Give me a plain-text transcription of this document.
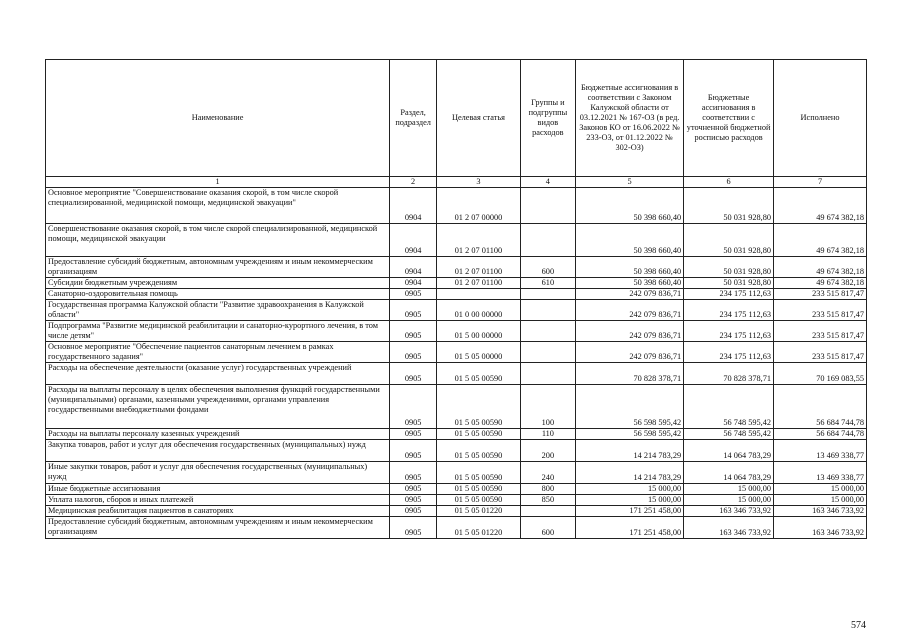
Наименование	Раздел, подраздел	Целевая статья	Группы и подгруппы видов расходов	Бюджетные ассигнования в соответствии с Законом Калужской области от 03.12.2021 № 167-ОЗ (в ред. Законов КО от 16.06.2022 № 233-ОЗ, от 01.12.2022 № 302-ОЗ)	Бюджетные ассигнования в соответствии с уточненной бюджетной росписью расходов	Исполнено
1	2	3	4	5	6	7
Основное мероприятие "Совершенствование оказания скорой, в том числе скорой специализированной, медицинской помощи, медицинской эвакуации"	0904	01 2 07 00000		50 398 660,40	50 031 928,80	49 674 382,18
Совершенствование оказания скорой, в том числе скорой специализированной, медицинской помощи, медицинской эвакуации	0904	01 2 07 01100		50 398 660,40	50 031 928,80	49 674 382,18
Предоставление субсидий бюджетным, автономным учреждениям и иным некоммерческим организациям	0904	01 2 07 01100	600	50 398 660,40	50 031 928,80	49 674 382,18
Субсидии бюджетным учреждениям	0904	01 2 07 01100	610	50 398 660,40	50 031 928,80	49 674 382,18
Санаторно-оздоровительная помощь	0905			242 079 836,71	234 175 112,63	233 515 817,47
Государственная программа Калужской области "Развитие здравоохранения в Калужской области"	0905	01 0 00 00000		242 079 836,71	234 175 112,63	233 515 817,47
Подпрограмма "Развитие медицинской реабилитации и санаторно-курортного лечения, в том числе детям"	0905	01 5 00 00000		242 079 836,71	234 175 112,63	233 515 817,47
Основное мероприятие "Обеспечение пациентов санаторным лечением в рамках государственного задания"	0905	01 5 05 00000		242 079 836,71	234 175 112,63	233 515 817,47
Расходы на обеспечение деятельности (оказание услуг) государственных учреждений	0905	01 5 05 00590		70 828 378,71	70 828 378,71	70 169 083,55
Расходы на выплаты персоналу в целях обеспечения выполнения функций государственными (муниципальными) органами, казенными учреждениями, органами управления государственными внебюджетными фондами	0905	01 5 05 00590	100	56 598 595,42	56 748 595,42	56 684 744,78
Расходы на выплаты персоналу казенных учреждений	0905	01 5 05 00590	110	56 598 595,42	56 748 595,42	56 684 744,78
Закупка товаров, работ и услуг для обеспечения государственных (муниципальных) нужд	0905	01 5 05 00590	200	14 214 783,29	14 064 783,29	13 469 338,77
Иные закупки товаров, работ и услуг для обеспечения государственных (муниципальных) нужд	0905	01 5 05 00590	240	14 214 783,29	14 064 783,29	13 469 338,77
Иные бюджетные ассигнования	0905	01 5 05 00590	800	15 000,00	15 000,00	15 000,00
Уплата налогов, сборов и иных платежей	0905	01 5 05 00590	850	15 000,00	15 000,00	15 000,00
Медицинская реабилитация пациентов в санаториях	0905	01 5 05 01220		171 251 458,00	163 346 733,92	163 346 733,92
Предоставление субсидий бюджетным, автономным учреждениям и иным некоммерческим организациям	0905	01 5 05 01220	600	171 251 458,00	163 346 733,92	163 346 733,92
574
